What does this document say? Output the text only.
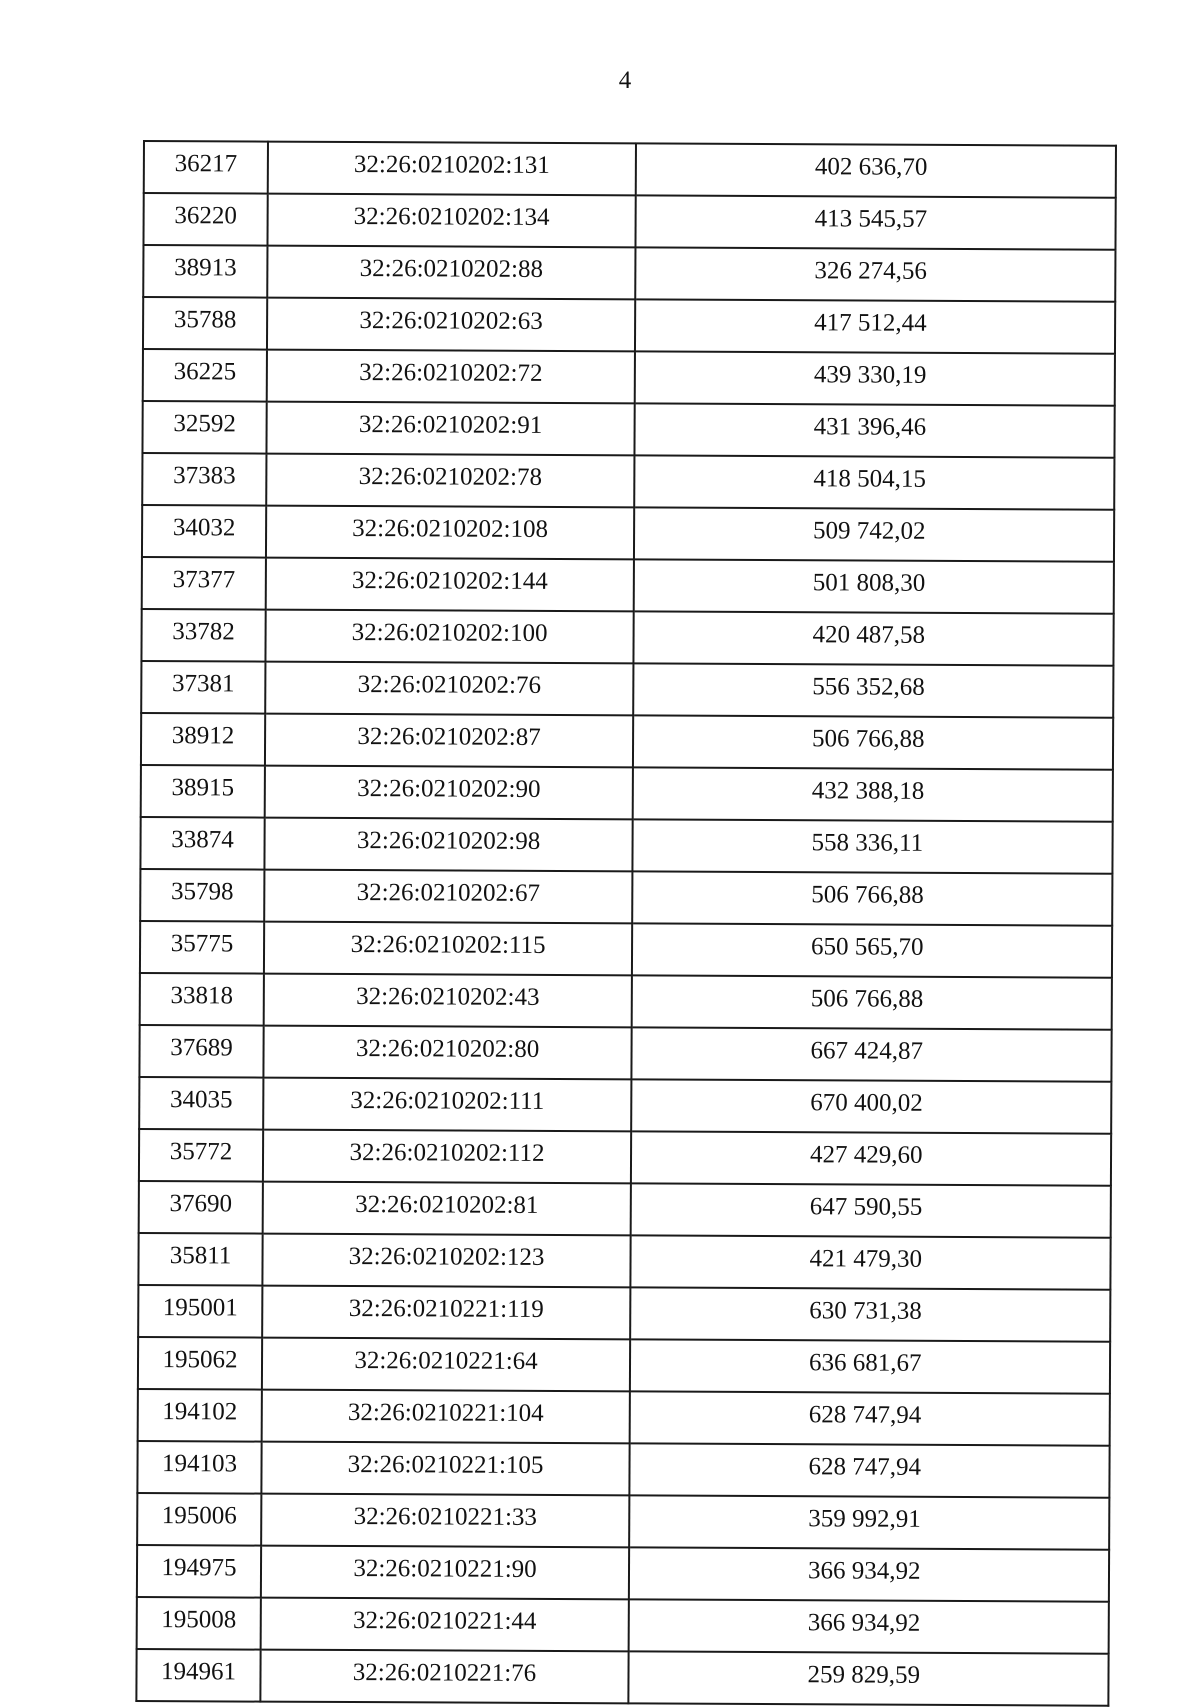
4
36217	32:26:0210202:131	402 636,70
36220	32:26:0210202:134	413 545,57
38913	32:26:0210202:88	326 274,56
35788	32:26:0210202:63	417 512,44
36225	32:26:0210202:72	439 330,19
32592	32:26:0210202:91	431 396,46
37383	32:26:0210202:78	418 504,15
34032	32:26:0210202:108	509 742,02
37377	32:26:0210202:144	501 808,30
33782	32:26:0210202:100	420 487,58
37381	32:26:0210202:76	556 352,68
38912	32:26:0210202:87	506 766,88
38915	32:26:0210202:90	432 388,18
33874	32:26:0210202:98	558 336,11
35798	32:26:0210202:67	506 766,88
35775	32:26:0210202:115	650 565,70
33818	32:26:0210202:43	506 766,88
37689	32:26:0210202:80	667 424,87
34035	32:26:0210202:111	670 400,02
35772	32:26:0210202:112	427 429,60
37690	32:26:0210202:81	647 590,55
35811	32:26:0210202:123	421 479,30
195001	32:26:0210221:119	630 731,38
195062	32:26:0210221:64	636 681,67
194102	32:26:0210221:104	628 747,94
194103	32:26:0210221:105	628 747,94
195006	32:26:0210221:33	359 992,91
194975	32:26:0210221:90	366 934,92
195008	32:26:0210221:44	366 934,92
194961	32:26:0210221:76	259 829,59
